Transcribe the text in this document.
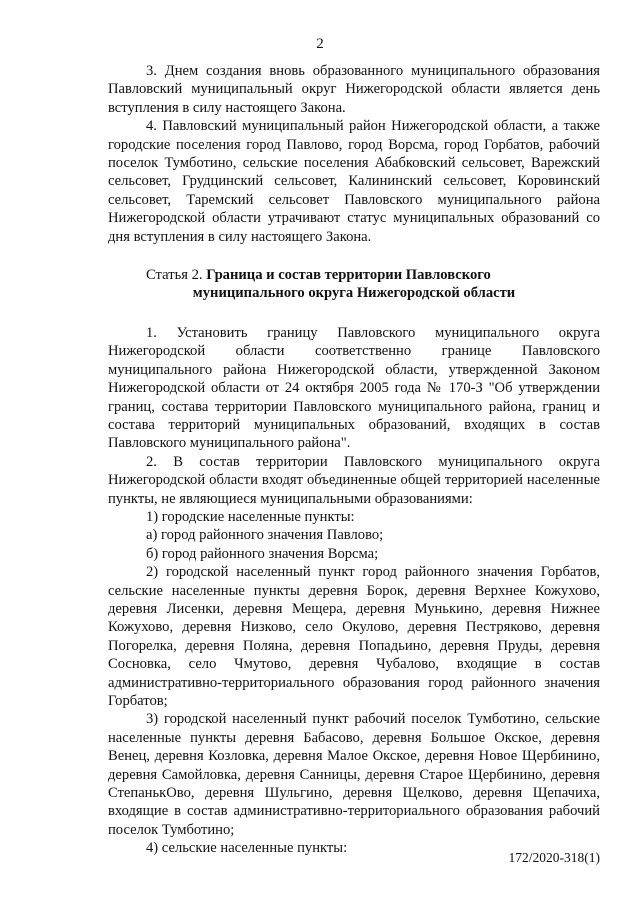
2

3. Днем создания вновь образованного муниципального образования Павловский муниципальный округ Нижегородской области является день вступления в силу настоящего Закона.

4. Павловский муниципальный район Нижегородской области, а также городские поселения город Павлово, город Ворсма, город Горбатов, рабочий поселок Тумботино, сельские поселения Абабковский сельсовет, Варежский сельсовет, Грудцинский сельсовет, Калининский сельсовет, Коровинский сельсовет, Таремский сельсовет Павловского муниципального района Нижегородской области утрачивают статус муниципальных образований со дня вступления в силу настоящего Закона.

Статья 2. Граница и состав территории Павловского
муниципального округа Нижегородской области

1. Установить границу Павловского муниципального округа Нижегородской области соответственно границе Павловского муниципального района Нижегородской области, утвержденной Законом Нижегородской области от 24 октября 2005 года № 170-З "Об утверждении границ, состава территории Павловского муниципального района, границ и состава территорий муниципальных образований, входящих в состав Павловского муниципального района".

2. В состав территории Павловского муниципального округа Нижегородской области входят объединенные общей территорией населенные пункты, не являющиеся муниципальными образованиями:

1) городские населенные пункты:

а) город районного значения Павлово;

б) город районного значения Ворсма;

2) городской населенный пункт город районного значения Горбатов, сельские населенные пункты деревня Борок, деревня Верхнее Кожухово, деревня Лисенки, деревня Мещера, деревня Мунькино, деревня Нижнее Кожухово, деревня Низково, село Окулово, деревня Пестряково, деревня Погорелка, деревня Поляна, деревня Попадьино, деревня Пруды, деревня Сосновка, село Чмутово, деревня Чубалово, входящие в состав административно-территориального образования город районного значения Горбатов;

3) городской населенный пункт рабочий поселок Тумботино, сельские населенные пункты деревня Бабасово, деревня Большое Окское, деревня Венец, деревня Козловка, деревня Малое Окское, деревня Новое Щербинино, деревня Самойловка, деревня Санницы, деревня Старое Щербинино, деревня СтепанькОво, деревня Шульгино, деревня Щелково, деревня Щепачиха, входящие в состав административно-территориального образования рабочий поселок Тумботино;

4) сельские населенные пункты:

172/2020-318(1)
